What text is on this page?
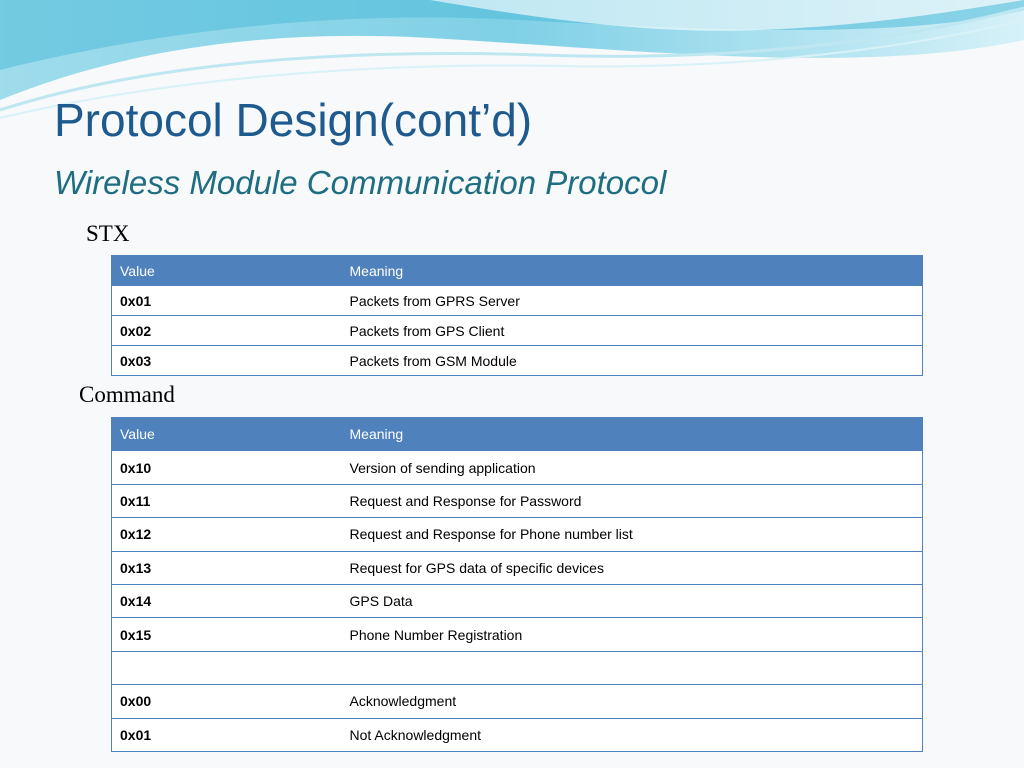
Protocol Design(cont’d)
Wireless Module Communication Protocol
STX
Value	Meaning
0x01	Packets from GPRS Server
0x02	Packets from GPS Client
0x03	Packets from GSM Module
Command
Value	Meaning
0x10	Version of sending application
0x11	Request and Response for Password
0x12	Request and Response for Phone number list
0x13	Request for GPS data of specific devices
0x14	GPS Data
0x15	Phone Number Registration

0x00	Acknowledgment
0x01	Not Acknowledgment
